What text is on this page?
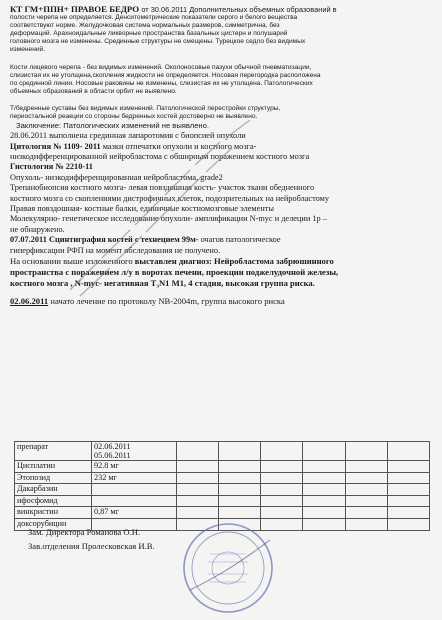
КТ ГМ+ППН+ ПРАВОЕ БЕДРО от 30.06.2011 Дополнительных объемных образований в

полости черепа не определяется. Денситометрические показатели серого и белого вещества

соответствуют норме. Желудочковая система нормальных размеров, симметрична, без

деформаций. Арахноидальные ликворные пространства базальных цистерн и полушарий

головного мозга не изменены. Срединные структуры не смещены. Турецкое седло без видимых

изменений.

Кости лицевого черепа - без видимых изменений. Околоносовые пазухи обычной пневматизации,

слизистая их не утолщена,скопления жидкости не определяется. Носовая перегородка расположена

по срединной линии. Носовые раковины не изменены, слизистая их не утолщена. Патологических

объемных образований в области орбит не выявлено.

Т/бедренные суставы без видимых изменений. Патологической перестройки структуры,

периостальной реакции со стороны бедренных костей достоверно не выявлено.

Заключение: Патологических изменений не выявлено.

28.06.2011 выполнена срединная лапаротомия с биопсией опухоли

Цитология № 1109- 2011 мазки отпечатки опухоли и костного мозга-

низкодифференцированной нейробластома с обширным поражением костного мозга

Гистология № 2210-11

Опухоль- низкодифференцированная нейробластома, grade2

Трепанобиопсия костного мозга- левая повздошная кость- участок ткани обедненного

костного мозга со скоплениями дистрофичных клеток, подозрительных на нейробластому

Правая повздошная- костные балки, единичные костномозговые элементы

Молекулярно- генетическое исследование опухоли- амплификации N-myc и делеции 1p –

не обнаружено.

07.07.2011 Сцинтиграфия костей с технецием 99м- очагов патологическое

гиперфиксации РФП на момент обследования не получено.

На основании выше изложенного выставлен диагноз: Нейробластома забрюшинного

пространства с поражением л/у в воротах печени, проекции поджелудочной железы,

костного мозга , N-myc- негативная T₃N1 M1, 4 стадия, высокая группа риска.

02.06.2011 начато лечение по протоколу NB-2004m, группа высокого риска

препарат	02.06.2011
05.06.2011						

Цисплатин	92.8 мг						
Этопозид	232 мг						
Дакарбазин							
ифосфомид							
винкристин	0,87 мг						
доксорубицин							
Зам. Директора Романова О.Н.
Зав.отделения Пролесковская И.В.
